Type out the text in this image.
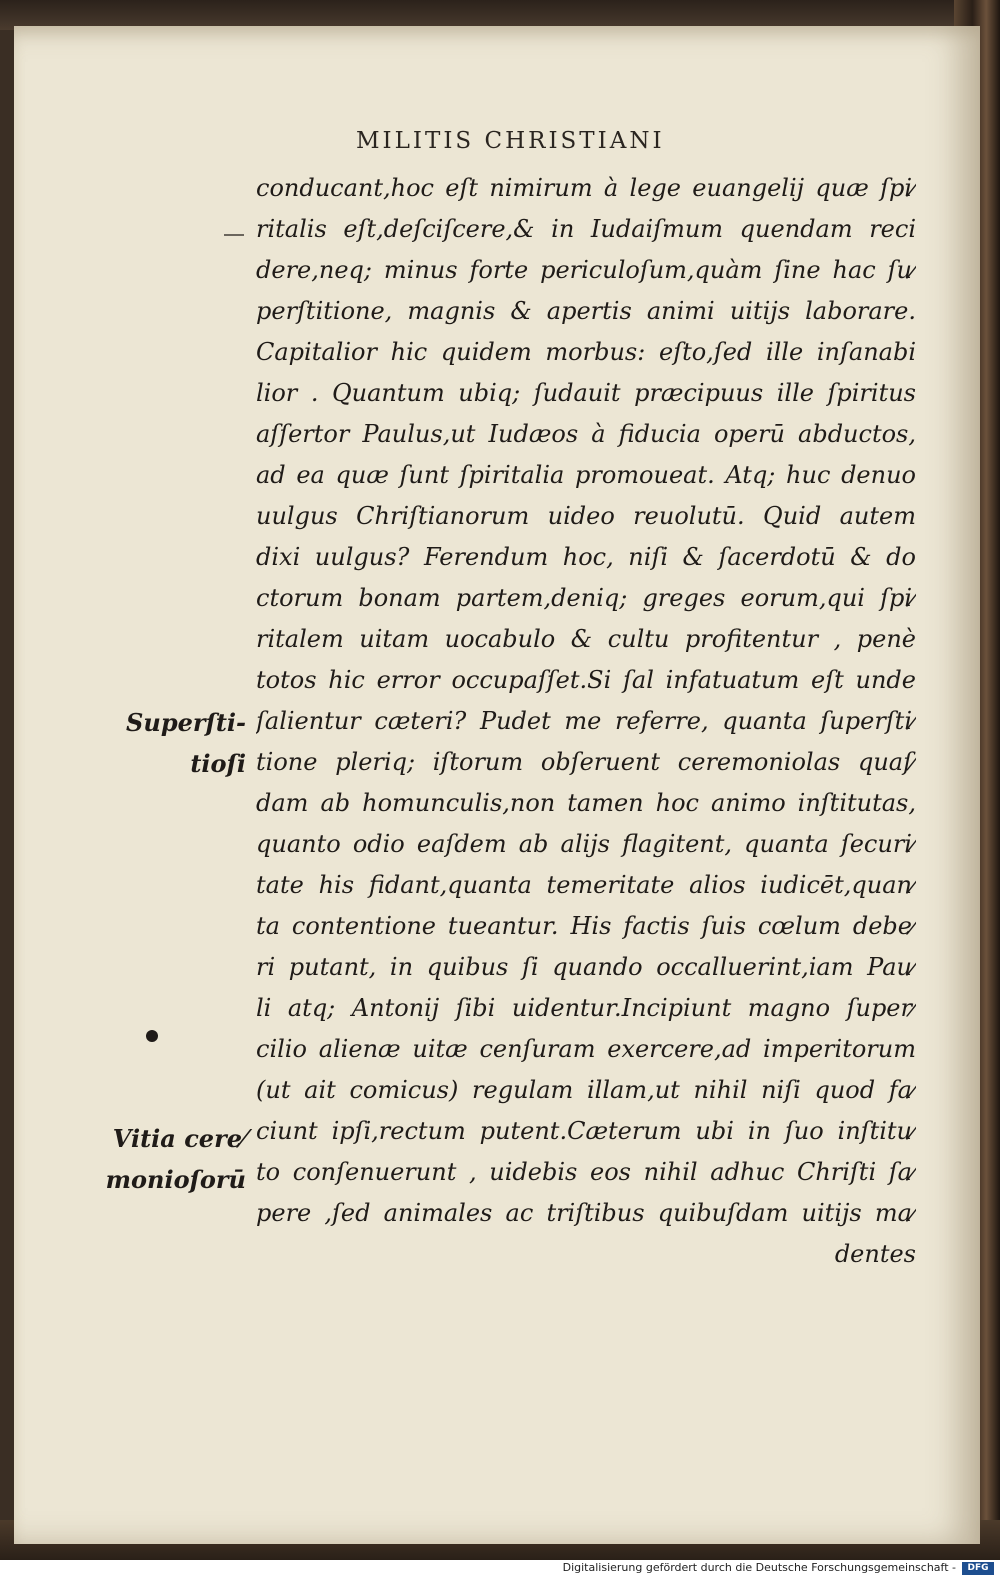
MILITIS CHRISTIANI
Superſti-
tioſi
Vitia cere⁄
monioſorū
conducant,hoc eſt nimirum à lege euangelij quæ ſpi⁄
ritalis eſt,deſciſcere,& in Iudaiſmum quendam reci
dere,neq; minus forte periculoſum,quàm ſine hac ſu⁄
perſtitione, magnis & apertis animi uitijs laborare.
Capitalior hic quidem morbus: eſto,ſed ille inſanabi
lior . Quantum ubiq; ſudauit præcipuus ille ſpiritus
aſſertor Paulus,ut Iudæos à fiducia operū abductos,
ad ea quæ ſunt ſpiritalia promoueat. Atq; huc denuo
uulgus Chriſtianorum uideo reuolutū. Quid autem
dixi uulgus? Ferendum hoc, niſi & ſacerdotū & do
ctorum bonam partem,deniq; greges eorum,qui ſpi⁄
ritalem uitam uocabulo & cultu profitentur , penè
totos hic error occupaſſet.Si ſal infatuatum eſt unde
ſalientur cæteri? Pudet me referre, quanta ſuperſti⁄
tione pleriq; iſtorum obſeruent ceremoniolas quaſ⁄
dam ab homunculis,non tamen hoc animo inſtitutas,
quanto odio eaſdem ab alijs flagitent, quanta ſecuri⁄
tate his fidant,quanta temeritate alios iudicēt,quan⁄
ta contentione tueantur. His factis ſuis cœlum debe⁄
ri putant, in quibus ſi quando occalluerint,iam Pau⁄
li atq; Antonij ſibi uidentur.Incipiunt magno ſuper⁄
cilio alienæ uitæ cenſuram exercere,ad imperitorum
(ut ait comicus) regulam illam,ut nihil niſi quod fa⁄
ciunt ipſi,rectum putent.Cæterum ubi in ſuo inſtitu⁄
to conſenuerunt , uidebis eos nihil adhuc Chriſti ſa⁄
pere ,ſed animales ac triſtibus quibuſdam uitijs ma⁄
dentes
Digitalisierung gefördert durch die Deutsche Forschungsgemeinschaft -	DFG
